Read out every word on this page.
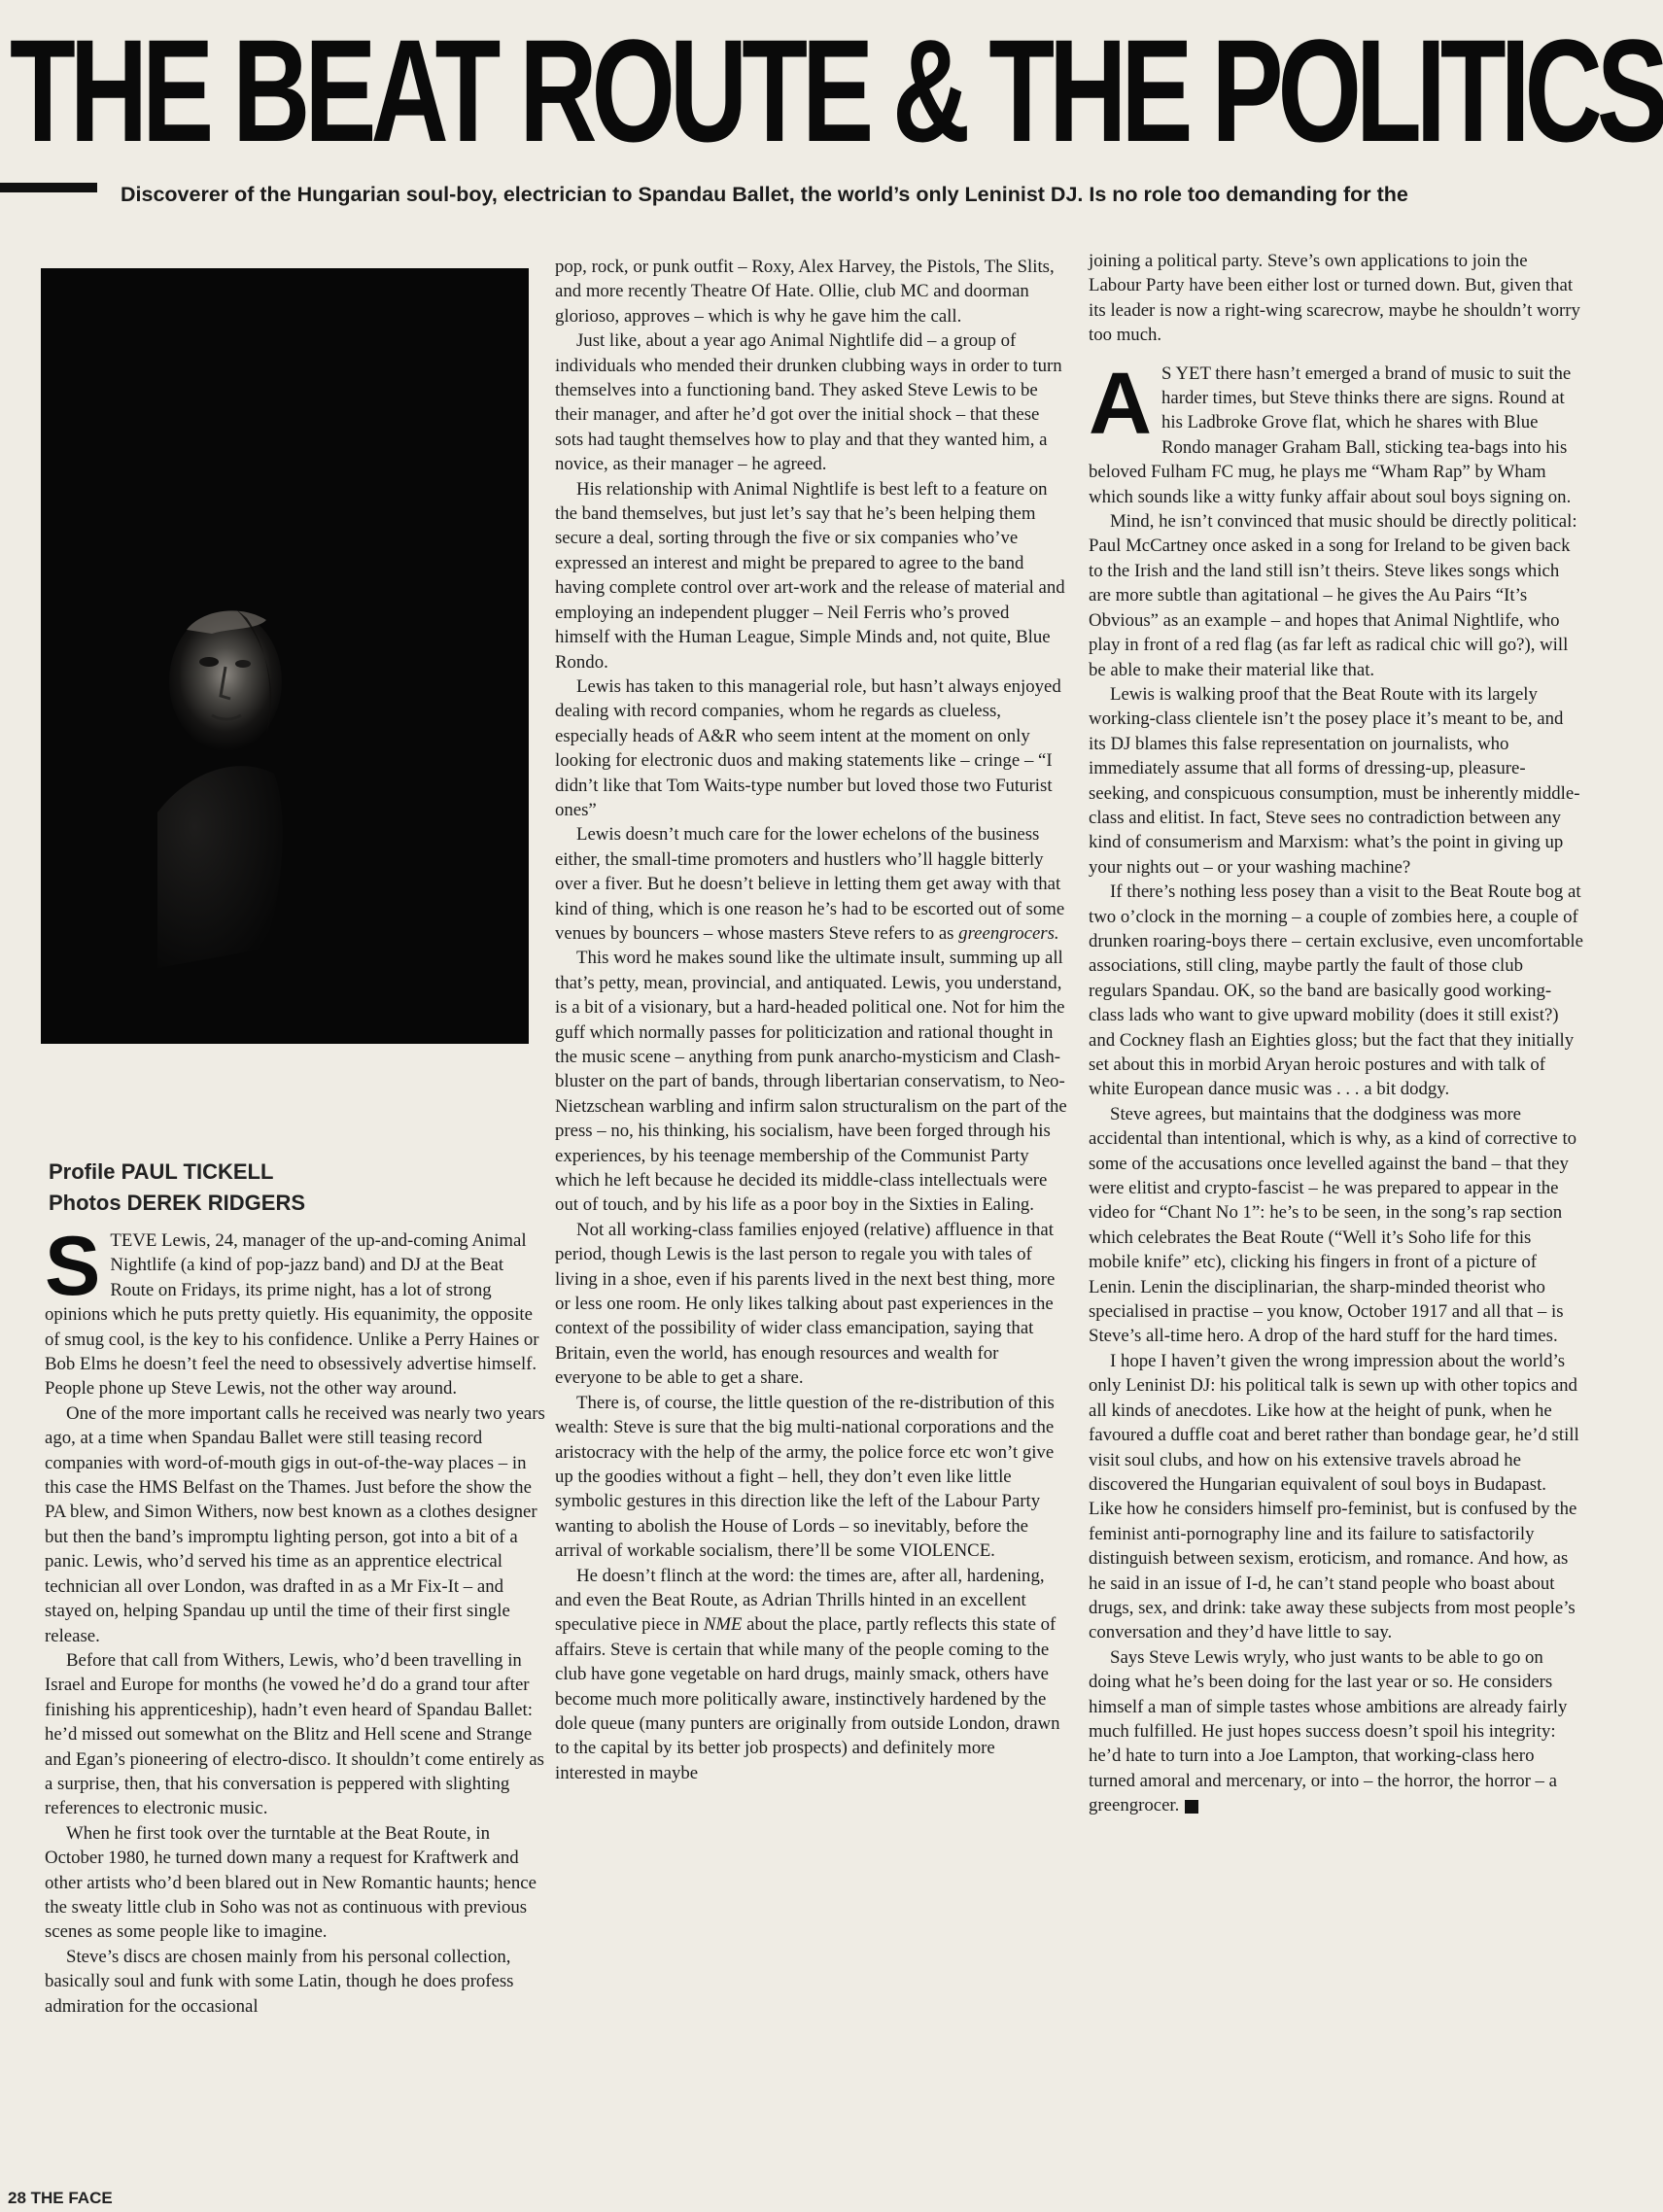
THE BEAT ROUTE & THE POLITICS
Discoverer of the Hungarian soul-boy, electrician to Spandau Ballet, the world’s only Leninist DJ. Is no role too demanding for the
Profile PAUL TICKELL
Photos DEREK RIDGERS

STEVE Lewis, 24, manager of the up-and-coming Animal Nightlife (a kind of pop-jazz band) and DJ at the Beat Route on Fridays, its prime night, has a lot of strong opinions which he puts pretty quietly. His equanimity, the opposite of smug cool, is the key to his confidence. Unlike a Perry Haines or Bob Elms he doesn’t feel the need to obsessively advertise himself. People phone up Steve Lewis, not the other way around.

One of the more important calls he received was nearly two years ago, at a time when Spandau Ballet were still teasing record companies with word-of-mouth gigs in out-of-the-way places – in this case the HMS Belfast on the Thames. Just before the show the PA blew, and Simon Withers, now best known as a clothes designer but then the band’s impromptu lighting person, got into a bit of a panic. Lewis, who’d served his time as an apprentice electrical technician all over London, was drafted in as a Mr Fix-It – and stayed on, helping Spandau up until the time of their first single release.

Before that call from Withers, Lewis, who’d been travelling in Israel and Europe for months (he vowed he’d do a grand tour after finishing his apprenticeship), hadn’t even heard of Spandau Ballet: he’d missed out somewhat on the Blitz and Hell scene and Strange and Egan’s pioneering of electro-disco. It shouldn’t come entirely as a surprise, then, that his conversation is peppered with slighting references to electronic music.

When he first took over the turntable at the Beat Route, in October 1980, he turned down many a request for Kraftwerk and other artists who’d been blared out in New Romantic haunts; hence the sweaty little club in Soho was not as continuous with previous scenes as some people like to imagine.

Steve’s discs are chosen mainly from his personal collection, basically soul and funk with some Latin, though he does profess admiration for the occasional

pop, rock, or punk outfit – Roxy, Alex Harvey, the Pistols, The Slits, and more recently Theatre Of Hate. Ollie, club MC and doorman glorioso, approves – which is why he gave him the call.

Just like, about a year ago Animal Nightlife did – a group of individuals who mended their drunken clubbing ways in order to turn themselves into a functioning band. They asked Steve Lewis to be their manager, and after he’d got over the initial shock – that these sots had taught themselves how to play and that they wanted him, a novice, as their manager – he agreed.

His relationship with Animal Nightlife is best left to a feature on the band themselves, but just let’s say that he’s been helping them secure a deal, sorting through the five or six companies who’ve expressed an interest and might be prepared to agree to the band having complete control over art-work and the release of material and employing an independent plugger – Neil Ferris who’s proved himself with the Human League, Simple Minds and, not quite, Blue Rondo.

Lewis has taken to this managerial role, but hasn’t always enjoyed dealing with record companies, whom he regards as clueless, especially heads of A&R who seem intent at the moment on only looking for electronic duos and making statements like – cringe – “I didn’t like that Tom Waits-type number but loved those two Futurist ones”

Lewis doesn’t much care for the lower echelons of the business either, the small-time promoters and hustlers who’ll haggle bitterly over a fiver. But he doesn’t believe in letting them get away with that kind of thing, which is one reason he’s had to be escorted out of some venues by bouncers – whose masters Steve refers to as greengrocers.

This word he makes sound like the ultimate insult, summing up all that’s petty, mean, provincial, and antiquated. Lewis, you understand, is a bit of a visionary, but a hard-headed political one. Not for him the guff which normally passes for politicization and rational thought in the music scene – anything from punk anarcho-mysticism and Clash-bluster on the part of bands, through libertarian conservatism, to Neo-Nietzschean warbling and infirm salon structuralism on the part of the press – no, his thinking, his socialism, have been forged through his experiences, by his teenage membership of the Communist Party which he left because he decided its middle-class intellectuals were out of touch, and by his life as a poor boy in the Sixties in Ealing.

Not all working-class families enjoyed (relative) affluence in that period, though Lewis is the last person to regale you with tales of living in a shoe, even if his parents lived in the next best thing, more or less one room. He only likes talking about past experiences in the context of the possibility of wider class emancipation, saying that Britain, even the world, has enough resources and wealth for everyone to be able to get a share.

There is, of course, the little question of the re-distribution of this wealth: Steve is sure that the big multi-national corporations and the aristocracy with the help of the army, the police force etc won’t give up the goodies without a fight – hell, they don’t even like little symbolic gestures in this direction like the left of the Labour Party wanting to abolish the House of Lords – so inevitably, before the arrival of workable socialism, there’ll be some VIOLENCE.

He doesn’t flinch at the word: the times are, after all, hardening, and even the Beat Route, as Adrian Thrills hinted in an excellent speculative piece in NME about the place, partly reflects this state of affairs. Steve is certain that while many of the people coming to the club have gone vegetable on hard drugs, mainly smack, others have become much more politically aware, instinctively hardened by the dole queue (many punters are originally from outside London, drawn to the capital by its better job prospects) and definitely more interested in maybe

joining a political party. Steve’s own applications to join the Labour Party have been either lost or turned down. But, given that its leader is now a right-wing scarecrow, maybe he shouldn’t worry too much.

A S YET there hasn’t emerged a brand of music to suit the harder times, but Steve thinks there are signs. Round at his Ladbroke Grove flat, which he shares with Blue Rondo manager Graham Ball, sticking tea-bags into his beloved Fulham FC mug, he plays me “Wham Rap” by Wham which sounds like a witty funky affair about soul boys signing on.

Mind, he isn’t convinced that music should be directly political: Paul McCartney once asked in a song for Ireland to be given back to the Irish and the land still isn’t theirs. Steve likes songs which are more subtle than agitational – he gives the Au Pairs “It’s Obvious” as an example – and hopes that Animal Nightlife, who play in front of a red flag (as far left as radical chic will go?), will be able to make their material like that.

Lewis is walking proof that the Beat Route with its largely working-class clientele isn’t the posey place it’s meant to be, and its DJ blames this false representation on journalists, who immediately assume that all forms of dressing-up, pleasure-seeking, and conspicuous consumption, must be inherently middle-class and elitist. In fact, Steve sees no contradiction between any kind of consumerism and Marxism: what’s the point in giving up your nights out – or your washing machine?

If there’s nothing less posey than a visit to the Beat Route bog at two o’clock in the morning – a couple of zombies here, a couple of drunken roaring-boys there – certain exclusive, even uncomfortable associations, still cling, maybe partly the fault of those club regulars Spandau. OK, so the band are basically good working-class lads who want to give upward mobility (does it still exist?) and Cockney flash an Eighties gloss; but the fact that they initially set about this in morbid Aryan heroic postures and with talk of white European dance music was . . . a bit dodgy.

Steve agrees, but maintains that the dodginess was more accidental than intentional, which is why, as a kind of corrective to some of the accusations once levelled against the band – that they were elitist and crypto-fascist – he was prepared to appear in the video for “Chant No 1”: he’s to be seen, in the song’s rap section which celebrates the Beat Route (“Well it’s Soho life for this mobile knife” etc), clicking his fingers in front of a picture of Lenin. Lenin the disciplinarian, the sharp-minded theorist who specialised in practise – you know, October 1917 and all that – is Steve’s all-time hero. A drop of the hard stuff for the hard times.

I hope I haven’t given the wrong impression about the world’s only Leninist DJ: his political talk is sewn up with other topics and all kinds of anecdotes. Like how at the height of punk, when he favoured a duffle coat and beret rather than bondage gear, he’d still visit soul clubs, and how on his extensive travels abroad he discovered the Hungarian equivalent of soul boys in Budapast. Like how he considers himself pro-feminist, but is confused by the feminist anti-pornography line and its failure to satisfactorily distinguish between sexism, eroticism, and romance. And how, as he said in an issue of I-d, he can’t stand people who boast about drugs, sex, and drink: take away these subjects from most people’s conversation and they’d have little to say.

Says Steve Lewis wryly, who just wants to be able to go on doing what he’s been doing for the last year or so. He considers himself a man of simple tastes whose ambitions are already fairly much fulfilled. He just hopes success doesn’t spoil his integrity: he’d hate to turn into a Joe Lampton, that working-class hero turned amoral and mercenary, or into – the horror, the horror – a greengrocer.

28 THE FACE
